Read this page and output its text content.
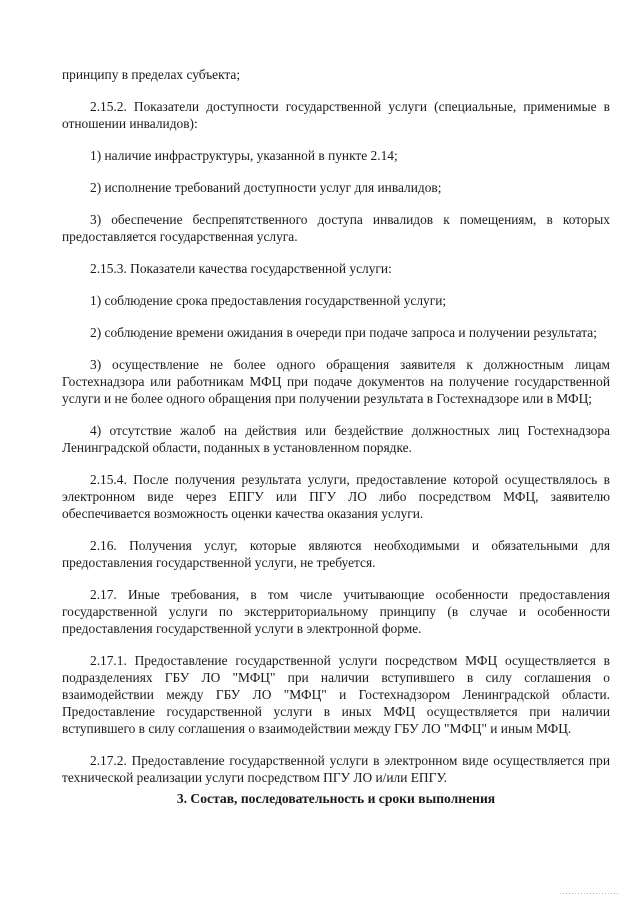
принципу в пределах субъекта;

2.15.2. Показатели доступности государственной услуги (специальные, применимые в отношении инвалидов):

1) наличие инфраструктуры, указанной в пункте 2.14;

2) исполнение требований доступности услуг для инвалидов;

3) обеспечение беспрепятственного доступа инвалидов к помещениям, в которых предоставляется государственная услуга.

2.15.3. Показатели качества государственной услуги:

1) соблюдение срока предоставления государственной услуги;

2) соблюдение времени ожидания в очереди при подаче запроса и получении результата;

3) осуществление не более одного обращения заявителя к должностным лицам Гостехнадзора или работникам МФЦ при подаче документов на получение государственной услуги и не более одного обращения при получении результата в Гостехнадзоре или в МФЦ;

4) отсутствие жалоб на действия или бездействие должностных лиц Гостехнадзора Ленинградской области, поданных в установленном порядке.

2.15.4. После получения результата услуги, предоставление которой осуществлялось в электронном виде через ЕПГУ или ПГУ ЛО либо посредством МФЦ, заявителю обеспечивается возможность оценки качества оказания услуги.

2.16. Получения услуг, которые являются необходимыми и обязательными для предоставления государственной услуги, не требуется.

2.17. Иные требования, в том числе учитывающие особенности предоставления государственной услуги по экстерриториальному принципу (в случае и особенности предоставления государственной услуги в электронной форме.

2.17.1. Предоставление государственной услуги посредством МФЦ осуществляется в подразделениях ГБУ ЛО "МФЦ" при наличии вступившего в силу соглашения о взаимодействии между ГБУ ЛО "МФЦ" и Гостехнадзором Ленинградской области. Предоставление государственной услуги в иных МФЦ осуществляется при наличии вступившего в силу соглашения о взаимодействии между ГБУ ЛО "МФЦ" и иным МФЦ.

2.17.2. Предоставление государственной услуги в электронном виде осуществляется при технической реализации услуги посредством ПГУ ЛО и/или ЕПГУ.

3. Состав, последовательность и сроки выполнения
